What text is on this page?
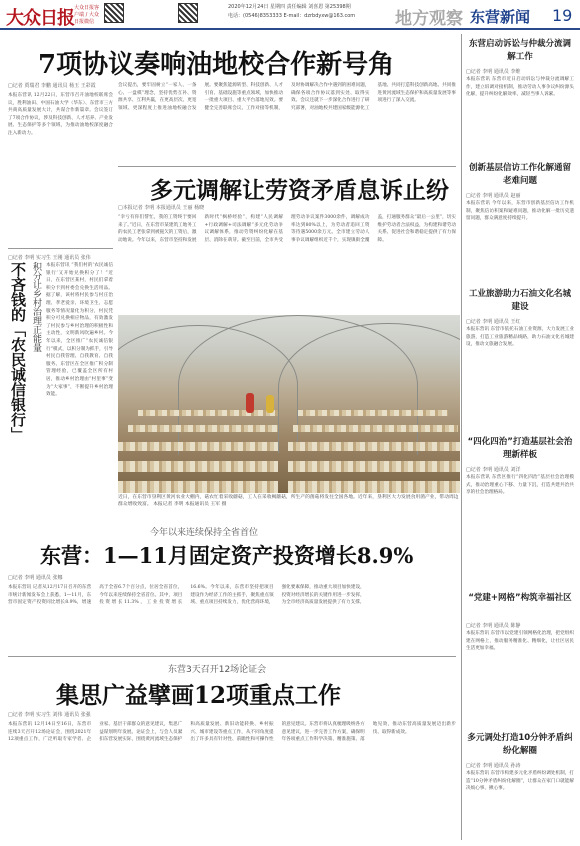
大众日报 大众日报客户端 / 大众日报微信
2020年12月24日 星期四 责任编辑 刘喜恩 第25398期
电话：(0546)8353333 E-mail：dzrbdyxw@163.com 地方观察 东营新闻 19
7项协议奏响油地校合作新号角
□记者 贾瑞君 李鹏 通讯员 杨玉 王彩霞
本报东营讯 12月22日，东营市召开油地校联席会议，胜利油田、中国石油大学（华东）、东营市三方共商高质量发展大计，共谋合作新篇章。会议签订了7项合作协议，涉及科技创新、人才培养、产业发展、生态保护等多个领域，为推动油地校深度融合注入新动力。
会议提出，要牢固树立“一家人、一条心、一盘棋”理念，坚持优势互补、资源共享、互利共赢，在更高层次、更宽领域、更深程度上推进油地校融合发展。要聚焦能源转型、科技创新、人才引育、基础设施等重点领域，加快推动一批重大项目、重大平台落地见效。要健全完善联席会议、工作对接等机制，及时协调解决合作中遇到的困难问题，确保各项合作协议落到实处、取得实效。会议还就下一步深化合作进行了研究部署，对油地校共建国家级能源化工基地、共同打造科技创新高地、共同推进黄河流域生态保护和高质量发展等事项进行了深入交流。
多元调解让劳资矛盾息诉止纷
□本报记者 李明 本报通讯员 王丽 杨晓
“幸亏有你们帮忙，我的工资终于要回来了。”近日，在东营市某建筑工地务工的农民工老张拿到被拖欠的工资后，激动地说。今年以来，东营市坚持和发展新时代“枫桥经验”，构建“人民调解+行政调解+司法调解”多元化劳动争议调解体系，推动劳资纠纷化解在基层、消除在萌芽。截至目前，全市共受理劳动争议案件3000余件，调解成功率达到80%以上，为劳动者追回工资等待遇5000余万元。全市建立劳动人事争议调解组织近千个，实现镇街全覆盖，打通服务群众“最后一公里”，切实维护劳动者合法权益，为构建和谐劳动关系、促进社会和谐稳定提供了有力保障。
□记者 李明 实习生 王刚 通讯员 张伟
不吝钱的「农民诚信银行」 积分让乡村治理正能量	本报东营讯 “我们村的‘农民诚信银行’又开始兑换积分了！”近日，在东营区某村，村民们拿着积分卡到村委会兑换生活用品。据了解，该村将村民参与村庄治理、孝老爱亲、环境卫生、志愿服务等情况量化为积分，村民凭积分可兑换相应物品，有效激发了村民参与乡村治理的积极性和主动性，文明新风吹遍乡村。今年以来，全区推广“农民诚信银行”模式，以积分制为抓手，引导村民自我管理、自我教育、自我服务。东营区在全区推广积分制管理经验，已覆盖全区所有村居，推动乡村治理由“村里事”变为“大家事”，不断提升乡村治理效能。
近日，在东营市垦利区黄河农业大棚内，菇农忙着采收蘑菇，工人在采收褐蘑菇，所生产的菌菇将发往全国各地。近年来，垦利区大力发展食用菌产业，带动周边群众增收致富。 本报记者 李明 本报通讯员 王军 摄
今年以来连续保持全省首位
东营：1—11月固定资产投资增长8.9%
□记者 李明 通讯员 张娜
本报东营讯 记者从12月17日召开的东营市统计新闻发布会上获悉，1—11月，东营市固定资产投资同比增长8.9%，增速高于全省6.7个百分点，位居全省首位，今年以来连续保持全省首位。其中，项目投资增长11.3%，工业投资增长16.6%。今年以来，东营市坚持把项目建设作为经济工作的主抓手，聚焦重点领域、重点项目持续发力，优化营商环境，强化要素保障，推动重大项目加快建设，投资对经济增长的关键作用进一步发挥，为全市经济高质量发展提供了有力支撑。
东营3天召开12场论证会
集思广益擘画12项重点工作
□记者 李明 实习生 刘伟 通讯员 张强
本报东营讯 12月14日至16日，东营市连续3天召开12场论证会，围绕2021年12项重点工作，广泛听取专家学者、企业家、基层干部群众的意见建议，集思广益谋划明年发展。论证会上，与会人员紧扣东营发展实际，围绕黄河流域生态保护和高质量发展、新旧动能转换、乡村振兴、城市建设等重点工作，从不同角度提出了许多具有针对性、前瞻性和可操作性的意见建议。东营市将认真梳理吸纳各方意见建议，进一步完善工作方案，确保明年各项重点工作科学决策、精准施策、落地见效，推动东营高质量发展迈出新步伐、取得新成效。
东营启动诉讼与仲裁分流调解工作
□记者 李明 通讯员 李维
本报东营讯 东营市近日启动诉讼与仲裁分流调解工作，建立诉调对接机制，推动劳动人事争议纠纷源头化解，提升纠纷化解效率，减轻当事人诉累。
创新基层信访工作化解通留老难问题
□记者 李明 通讯员 赵丽
本报东营讯 今年以来，东营市创新基层信访工作机制，聚焦信访积案和疑难问题，推动化解一批历史遗留问题，群众满意度持续提升。
工业旅游助力石油文化名城建设
□记者 李明 通讯员 王红
本报东营讯 东营市依托石油工业资源，大力发展工业旅游，打造工业旅游精品线路，助力石油文化名城建设，推动文旅融合发展。
“四化四治”打造基层社会治理新样板
□记者 李明 通讯员 刘洋
本报东营讯 东营区推行“四化四治”基层社会治理模式，推动治理重心下移、力量下沉，打造共建共治共享的社会治理格局。
“党建+网格”构筑幸福社区
□记者 李明 通讯员 陈静
本报东营讯 东营市以党建引领网格化治理，把党组织建在网格上，推动服务精准化、精细化，让社区居民生活更加幸福。
多元调处打造10分钟矛盾纠纷化解圈
□记者 李明 通讯员 孙涛
本报东营讯 东营市构建多元化矛盾纠纷调处机制，打造“10分钟矛盾纠纷化解圈”，让群众在家门口就能解决烦心事、揪心事。
